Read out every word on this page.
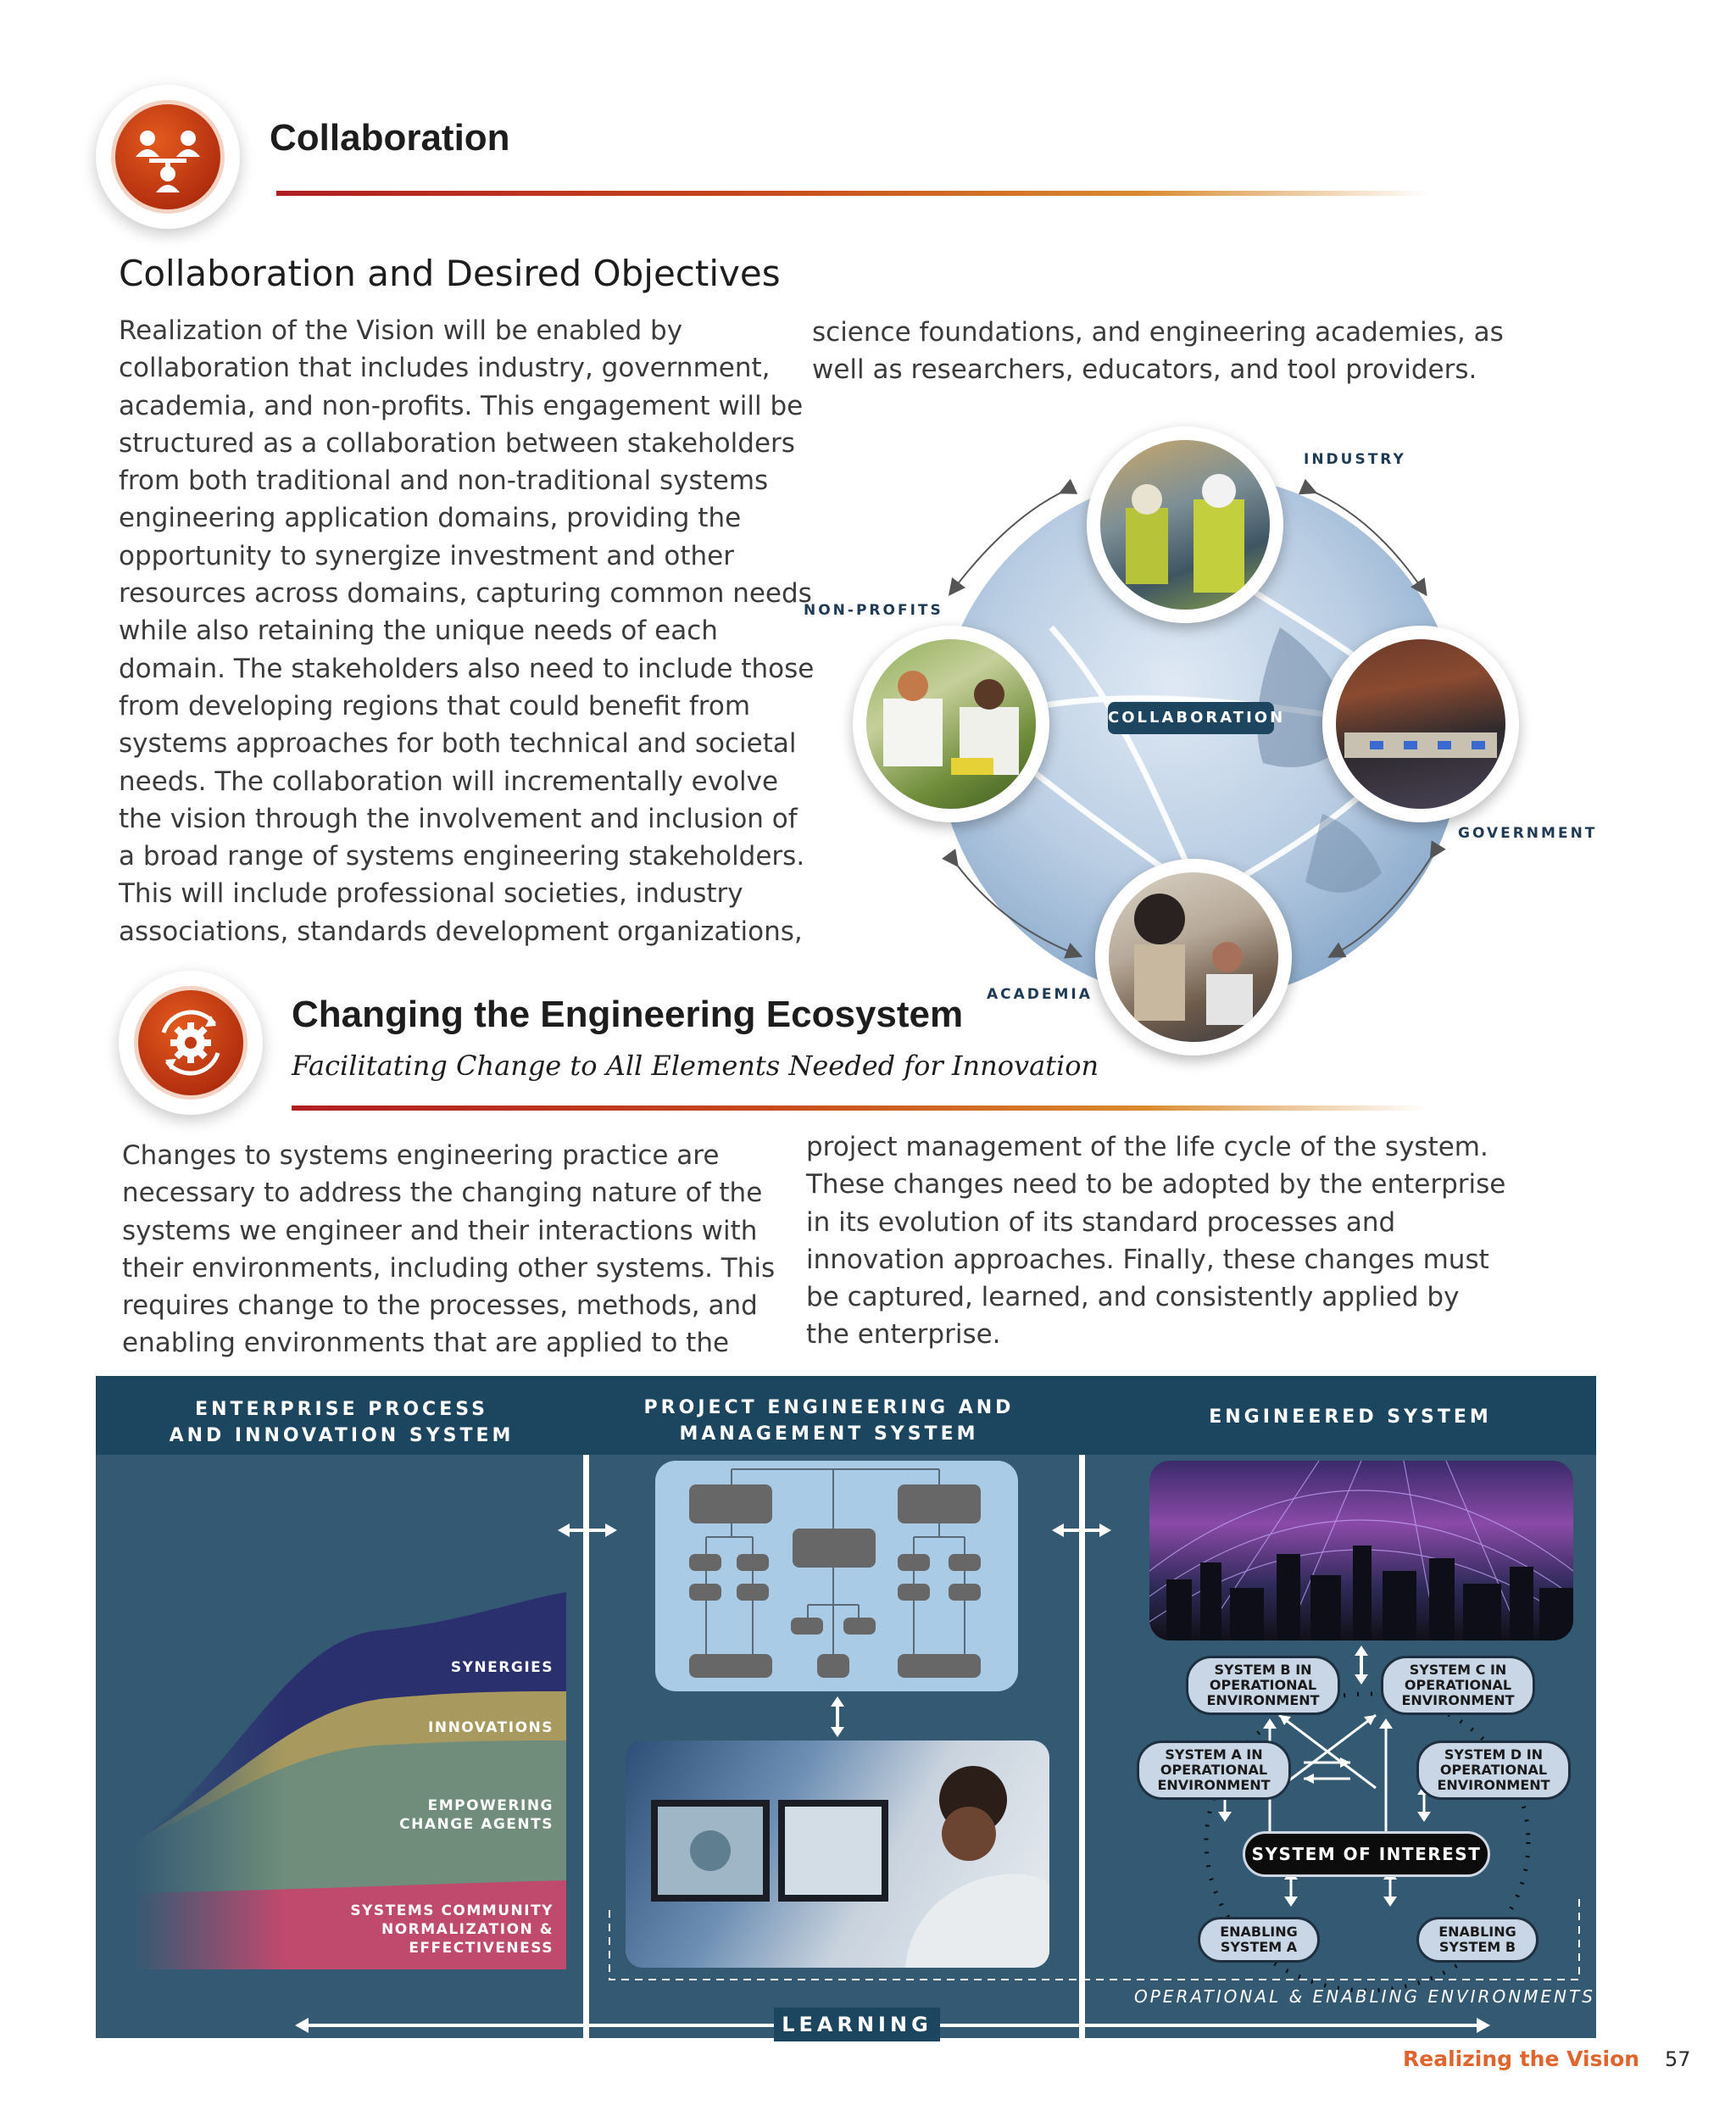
Collaboration
Collaboration and Desired Objectives
Realization of the Vision will be enabled by
collaboration that includes industry, government,
academia, and non-profits. This engagement will be
structured as a collaboration between stakeholders
from both traditional and non-traditional systems
engineering application domains, providing the
opportunity to synergize investment and other
resources across domains, capturing common needs
while also retaining the unique needs of each
domain. The stakeholders also need to include those
from developing regions that could benefit from
systems approaches for both technical and societal
needs. The collaboration will incrementally evolve
the vision through the involvement and inclusion of
a broad range of systems engineering stakeholders.
This will include professional societies, industry
associations, standards development organizations,
science foundations, and engineering academies, as
well as researchers, educators, and tool providers.
INDUSTRY
NON-PROFITS
GOVERNMENT
ACADEMIA
COLLABORATION
Changing the Engineering Ecosystem
Facilitating Change to All Elements Needed for Innovation
Changes to systems engineering practice are
necessary to address the changing nature of the
systems we engineer and their interactions with
their environments, including other systems. This
requires change to the processes, methods, and
enabling environments that are applied to the
project management of the life cycle of the system.
These changes need to be adopted by the enterprise
in its evolution of its standard processes and
innovation approaches. Finally, these changes must
be captured, learned, and consistently applied by
the enterprise.
ENTERPRISE PROCESS
AND INNOVATION SYSTEM
PROJECT ENGINEERING AND
MANAGEMENT SYSTEM
ENGINEERED SYSTEM
SYNERGIES
INNOVATIONS
EMPOWERING
CHANGE AGENTS
SYSTEMS COMMUNITY
NORMALIZATION &
EFFECTIVENESS
SYSTEM B IN
OPERATIONAL
ENVIRONMENT
SYSTEM C IN
OPERATIONAL
ENVIRONMENT
SYSTEM A IN
OPERATIONAL
ENVIRONMENT
SYSTEM D IN
OPERATIONAL
ENVIRONMENT
SYSTEM OF INTEREST
ENABLING
SYSTEM A
ENABLING
SYSTEM B
OPERATIONAL & ENABLING ENVIRONMENTS
LEARNING
Realizing the Vision 57
